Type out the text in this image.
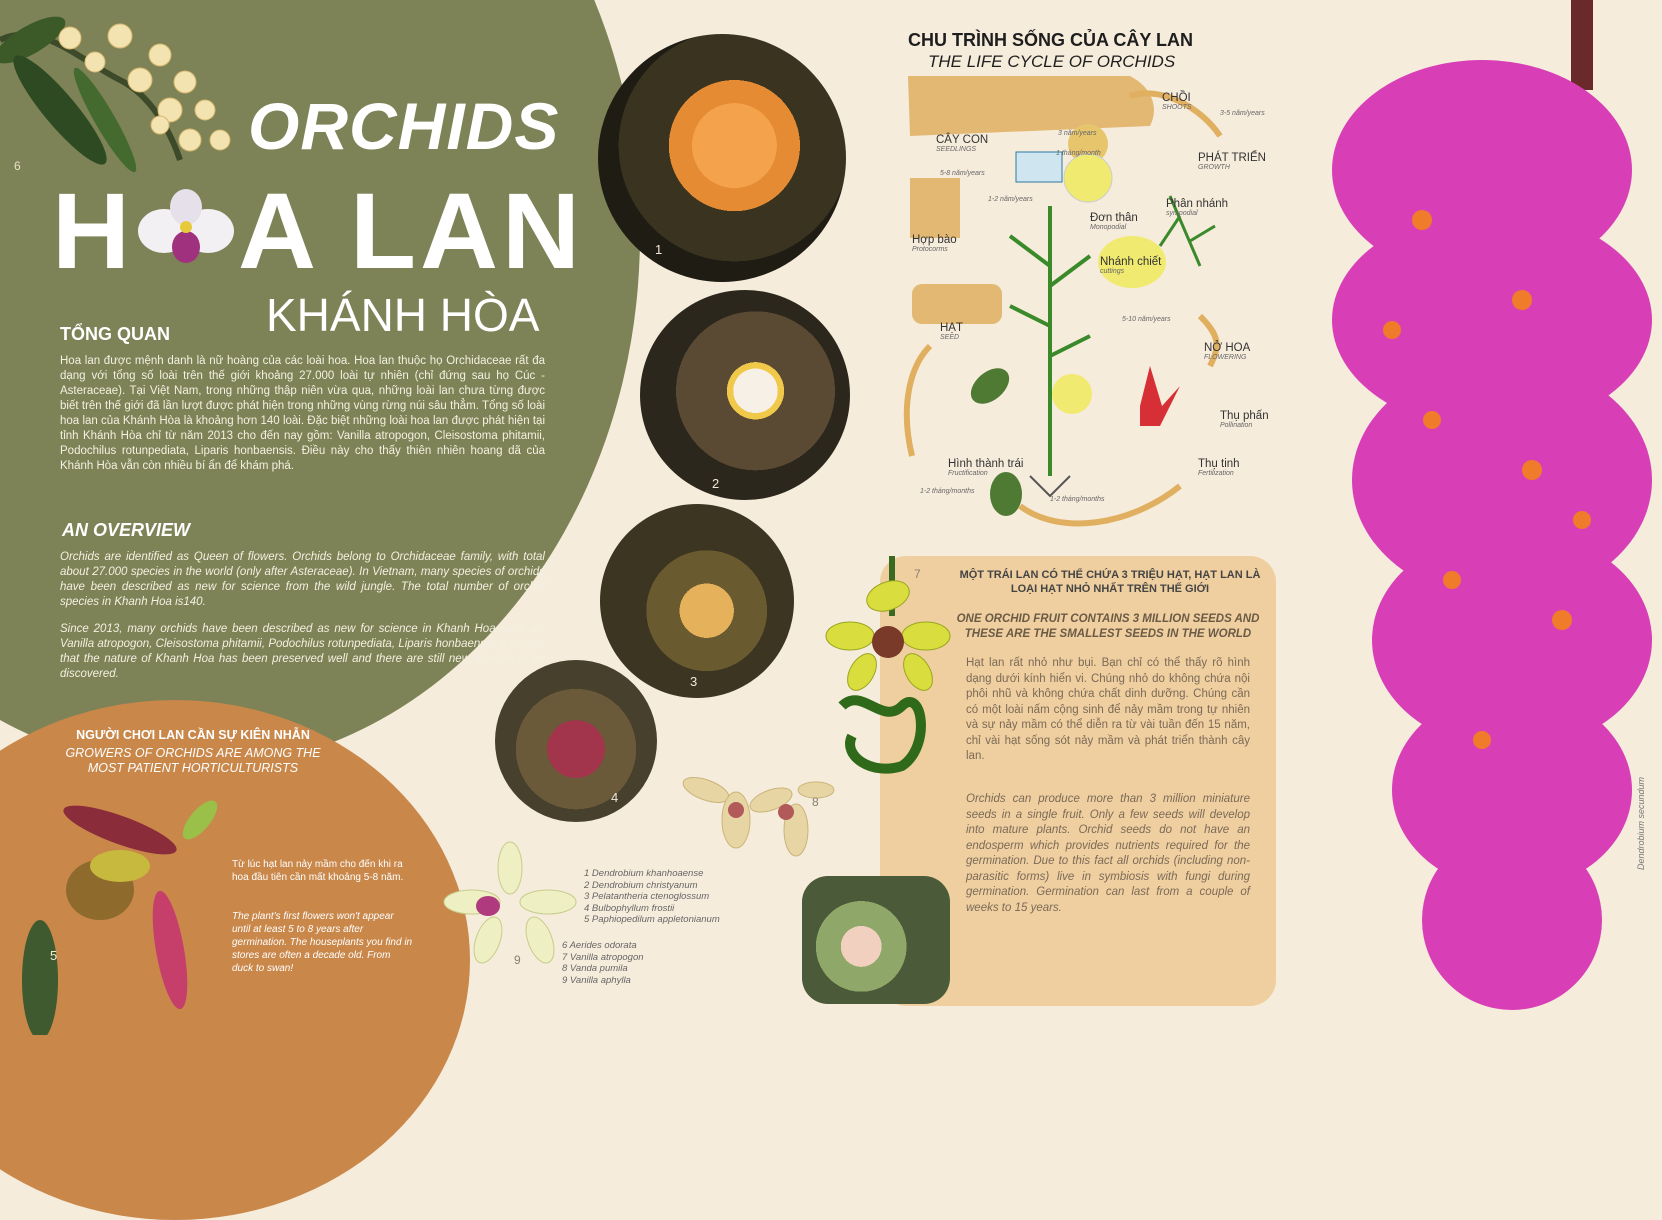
6
ORCHIDS
H A LAN
KHÁNH HÒA
TỔNG QUAN
Hoa lan được mệnh danh là nữ hoàng của các loài hoa. Hoa lan thuộc họ Orchidaceae rất đa dạng với tổng số loài trên thế giới khoảng 27.000 loài tự nhiên (chỉ đứng sau họ Cúc - Asteraceae). Tại Việt Nam, trong những thập niên vừa qua, những loài lan chưa từng được biết trên thế giới đã lần lượt được phát hiện trong những vùng rừng núi sâu thẳm. Tổng số loài hoa lan của Khánh Hòa là khoảng hơn 140 loài. Đặc biệt những loài hoa lan được phát hiện tại tỉnh Khánh Hòa chỉ từ năm 2013 cho đến nay gồm: Vanilla atropogon, Cleisostoma phitamii, Podochilus rotunpediata, Liparis honbaensis. Điều này cho thấy thiên nhiên hoang dã của Khánh Hòa vẫn còn nhiều bí ẩn để khám phá.
AN OVERVIEW
Orchids are identified as Queen of flowers. Orchids belong to Orchidaceae family, with total about 27.000 species in the world (only after Asteraceae). In Vietnam, many species of orchids have been described as new for science from the wild jungle. The total number of orchid species in Khanh Hoa is140.
Since 2013, many orchids have been described as new for science in Khanh Hoa such as: Vanilla atropogon, Cleisostoma phitamii, Podochilus rotunpediata, Liparis honbaensis. It means that the nature of Khanh Hoa has been preserved well and there are still new species to be discovered.
NGƯỜI CHƠI LAN CẦN SỰ KIÊN NHẪN
GROWERS OF ORCHIDS ARE AMONG THE MOST PATIENT HORTICULTURISTS
Từ lúc hạt lan nảy mầm cho đến khi ra hoa đầu tiên cần mất khoảng 5-8 năm.
The plant's first flowers won't appear until at least 5 to 8 years after germination. The houseplants you find in stores are often a decade old. From duck to swan!
5
1
2
3
4	8
9
1 Dendrobium khanhoaense
2 Dendrobium christyanum
3 Pelatantheria ctenoglossum
4 Bulbophyllum frostii
5 Paphiopedilum appletonianum
6 Aerides odorata
7 Vanilla atropogon
8 Vanda pumila
9 Vanilla aphylla
CHU TRÌNH SỐNG CỦA CÂY LAN
THE LIFE CYCLE OF ORCHIDS
CHỒI
SHOOTS
CÂY CON
SEEDLINGS
PHÁT TRIỂN
GROWTH
Phân nhánh
sympodial
Đơn thân
Monopodial
Nhánh chiết
cuttings
Hợp bào
Protocorms
HẠT
SEED
NỞ HOA
FLOWERING
Thụ phấn
Pollination
Thụ tinh
Fertilization
Hình thành trái
Fructification
3 năm/years
1 tháng/month
5-8 năm/years
1-2 năm/years
3-5 năm/years
5-10 năm/years
1-2 tháng/months
1-2 tháng/months
7	MỘT TRÁI LAN CÓ THỂ CHỨA 3 TRIỆU HẠT, HẠT LAN LÀ LOẠI HẠT NHỎ NHẤT TRÊN THẾ GIỚI
ONE ORCHID FRUIT CONTAINS 3 MILLION SEEDS AND THESE ARE THE SMALLEST SEEDS IN THE WORLD
Hạt lan rất nhỏ như bụi. Bạn chỉ có thể thấy rõ hình dạng dưới kính hiển vi. Chúng nhỏ do không chứa nội phôi nhũ và không chứa chất dinh dưỡng. Chúng cần có một loài nấm cộng sinh để nảy mầm trong tự nhiên và sự nảy mầm có thể diễn ra từ vài tuần đến 15 năm, chỉ vài hạt sống sót nảy mầm và phát triển thành cây lan.
Orchids can produce more than 3 million miniature seeds in a single fruit. Only a few seeds will develop into mature plants. Orchid seeds do not have an endosperm which provides nutrients required for the germination. Due to this fact all orchids (including non-parasitic forms) live in symbiosis with fungi during germination. Germination can last from a couple of weeks to 15 years.
Dendrobium secundum
